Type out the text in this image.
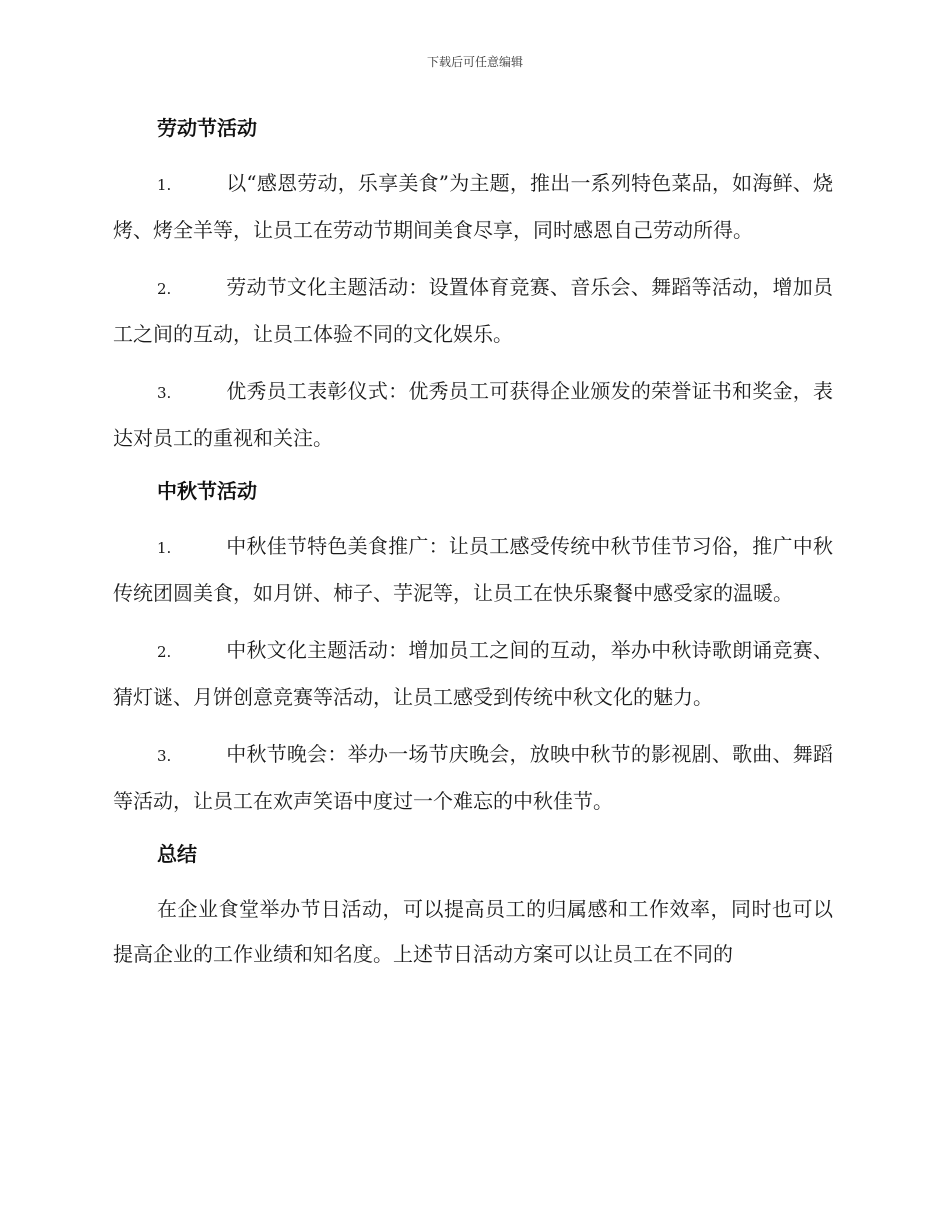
下载后可任意编辑
劳动节活动

1.	以“感恩劳动，乐享美食”为主题，推出一系列特色菜品，如海鲜、烧烤、烤全羊等，让员工在劳动节期间美食尽享，同时感恩自己劳动所得。

2.	劳动节文化主题活动：设置体育竞赛、音乐会、舞蹈等活动，增加员工之间的互动，让员工体验不同的文化娱乐。

3.	优秀员工表彰仪式：优秀员工可获得企业颁发的荣誉证书和奖金，表达对员工的重视和关注。

中秋节活动

1.	中秋佳节特色美食推广：让员工感受传统中秋节佳节习俗，推广中秋传统团圆美食，如月饼、柿子、芋泥等，让员工在快乐聚餐中感受家的温暖。

2.	中秋文化主题活动：增加员工之间的互动，举办中秋诗歌朗诵竞赛、猜灯谜、月饼创意竞赛等活动，让员工感受到传统中秋文化的魅力。

3.	中秋节晚会：举办一场节庆晚会，放映中秋节的影视剧、歌曲、舞蹈等活动，让员工在欢声笑语中度过一个难忘的中秋佳节。

总结

在企业食堂举办节日活动，可以提高员工的归属感和工作效率，同时也可以提高企业的工作业绩和知名度。上述节日活动方案可以让员工在不同的
